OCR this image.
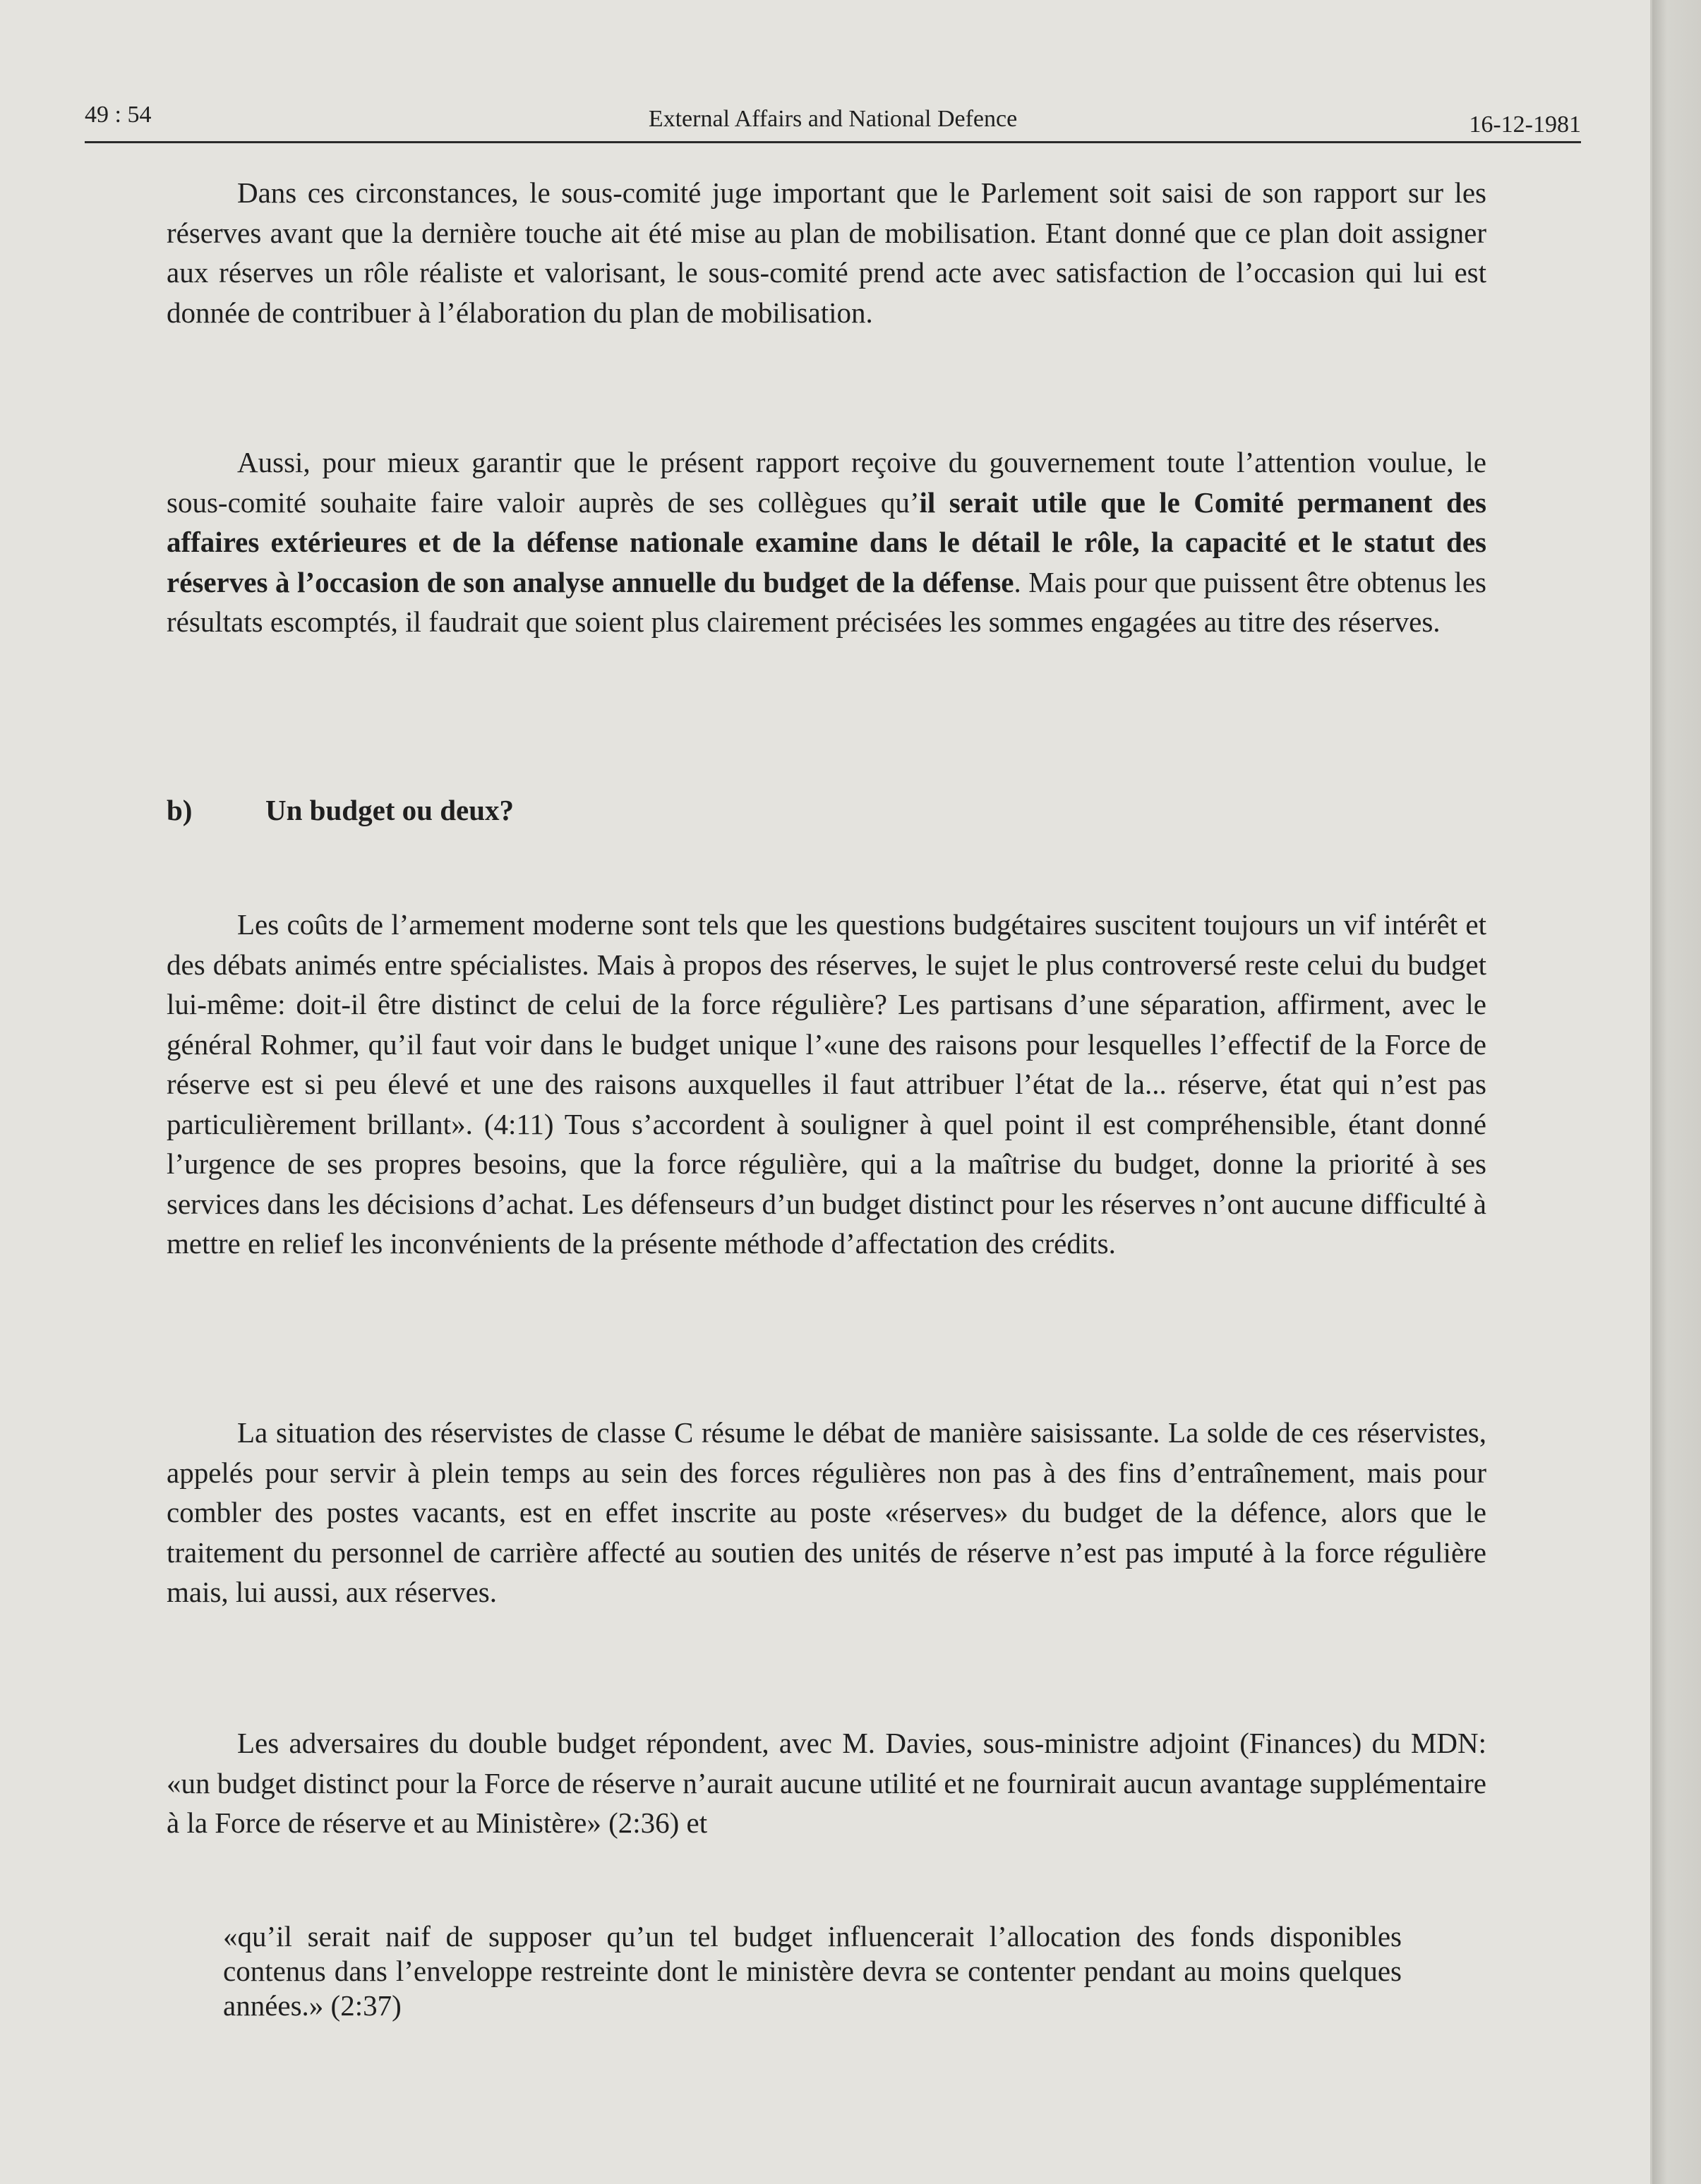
49 : 54	External Affairs and National Defence	16-12-1981

Dans ces circonstances, le sous-comité juge important que le Parlement soit saisi de son rapport sur les réserves avant que la dernière touche ait été mise au plan de mobilisation. Etant donné que ce plan doit assigner aux réserves un rôle réaliste et valorisant, le sous-comité prend acte avec satisfaction de l’occasion qui lui est donnée de contribuer à l’élaboration du plan de mobilisation.

Aussi, pour mieux garantir que le présent rapport reçoive du gouvernement toute l’attention voulue, le sous-comité souhaite faire valoir auprès de ses collègues qu’il serait utile que le Comité permanent des affaires extérieures et de la défense nationale examine dans le détail le rôle, la capacité et le statut des réserves à l’occasion de son analyse annuelle du budget de la défense. Mais pour que puissent être obtenus les résultats escomptés, il faudrait que soient plus clairement précisées les sommes engagées au titre des réserves.

b)	Un budget ou deux?

Les coûts de l’armement moderne sont tels que les questions budgétaires suscitent toujours un vif intérêt et des débats animés entre spécialistes. Mais à propos des réserves, le sujet le plus controversé reste celui du budget lui-même: doit-il être distinct de celui de la force régulière? Les partisans d’une séparation, affirment, avec le général Rohmer, qu’il faut voir dans le budget unique l’«une des raisons pour lesquelles l’effectif de la Force de réserve est si peu élevé et une des raisons auxquelles il faut attribuer l’état de la... réserve, état qui n’est pas particulièrement brillant». (4:11) Tous s’accordent à souligner à quel point il est compréhensible, étant donné l’urgence de ses propres besoins, que la force régulière, qui a la maîtrise du budget, donne la priorité à ses services dans les décisions d’achat. Les défenseurs d’un budget distinct pour les réserves n’ont aucune difficulté à mettre en relief les inconvénients de la présente méthode d’affectation des crédits.

La situation des réservistes de classe C résume le débat de manière saisissante. La solde de ces réservistes, appelés pour servir à plein temps au sein des forces régulières non pas à des fins d’entraînement, mais pour combler des postes vacants, est en effet inscrite au poste «réserves» du budget de la défence, alors que le traitement du personnel de carrière affecté au soutien des unités de réserve n’est pas imputé à la force régulière mais, lui aussi, aux réserves.

Les adversaires du double budget répondent, avec M. Davies, sous-ministre adjoint (Finances) du MDN: «un budget distinct pour la Force de réserve n’aurait aucune utilité et ne fournirait aucun avantage supplémentaire à la Force de réserve et au Ministère» (2:36) et

«qu’il serait naif de supposer qu’un tel budget influencerait l’allocation des fonds disponibles contenus dans l’enveloppe restreinte dont le ministère devra se contenter pendant au moins quelques années.» (2:37)
